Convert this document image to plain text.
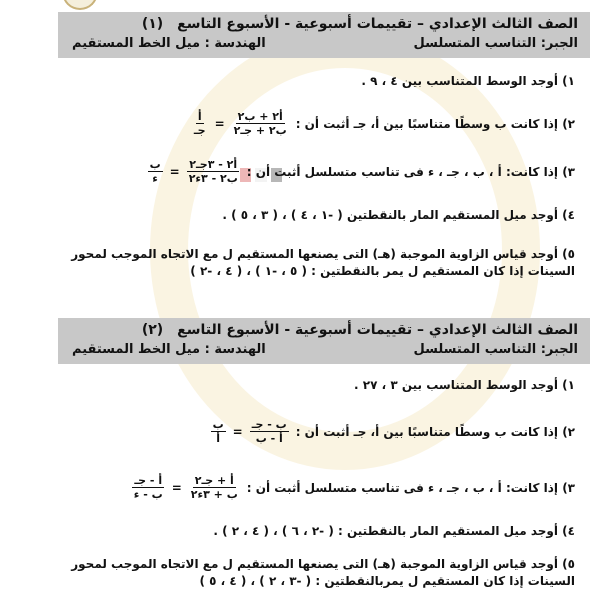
الصف الثالث الإعدادي – تقييمات أسبوعية - الأسبوع التاسع
(١)
الجبر: التناسب المتسلسل
الهندسة : ميل الخط المستقيم
١) أوجد الوسط المتناسب بين ٤ ، ٩ .
٢) إذا كانت ب وسطًا متناسبًا بين أ، جـ أثبت أن :
$\frac{\text{أ٢ + ب٢}}{\text{ب٢ + جـ٢}}$
=
$\frac{\text{أ}}{\text{جـ}}$
٣) إذا كانت: أ ، ب ، جـ ، ء فى تناسب متسلسل أثبت أن :
$\frac{\text{أ٢ - ٣جـ٢}}{\text{ب٢ - ٣ء٢}}$
=
$\frac{\text{ب}}{\text{ء}}$
٤) أوجد ميل المستقيم المار بالنقطتين ( -١ ، ٤ ) ، ( ٣ ، ٥ ) .
٥) أوجد قياس الزاوية الموجبة (هـ) التى يصنعها المستقيم ل مع الاتجاه الموجب لمحور السينات إذا كان المستقيم ل يمر بالنقطتين : ( ٥ ، -١ ) ، ( ٤ ، -٢ )
الصف الثالث الإعدادي – تقييمات أسبوعية - الأسبوع التاسع
(٢)
الجبر: التناسب المتسلسل
الهندسة : ميل الخط المستقيم
١) أوجد الوسط المتناسب بين ٣ ، ٢٧ .
٢) إذا كانت ب وسطًا متناسبًا بين أ، جـ أثبت أن :
$\frac{\text{ب - جـ}}{\text{أ - ب}}$
=
$\frac{\text{ب}}{\text{أ}}$
٣) إذا كانت: أ ، ب ، جـ ، ء فى تناسب متسلسل أثبت أن :
$\frac{\text{أ + جـ٢}}{\text{ب + ٣ء٢}}$
=
$\frac{\text{أ - جـ}}{\text{ب - ء}}$
٤) أوجد ميل المستقيم المار بالنقطتين : ( -٢ ، ٦ ) ، ( ٤ ، ٢ ) .
٥) أوجد قياس الزاوية الموجبة (هـ) التى يصنعها المستقيم ل مع الاتجاه الموجب لمحور السينات إذا كان المستقيم ل يمربالنقطتين : ( -٣ ، ٢ ) ، ( ٤ ، ٥ )
